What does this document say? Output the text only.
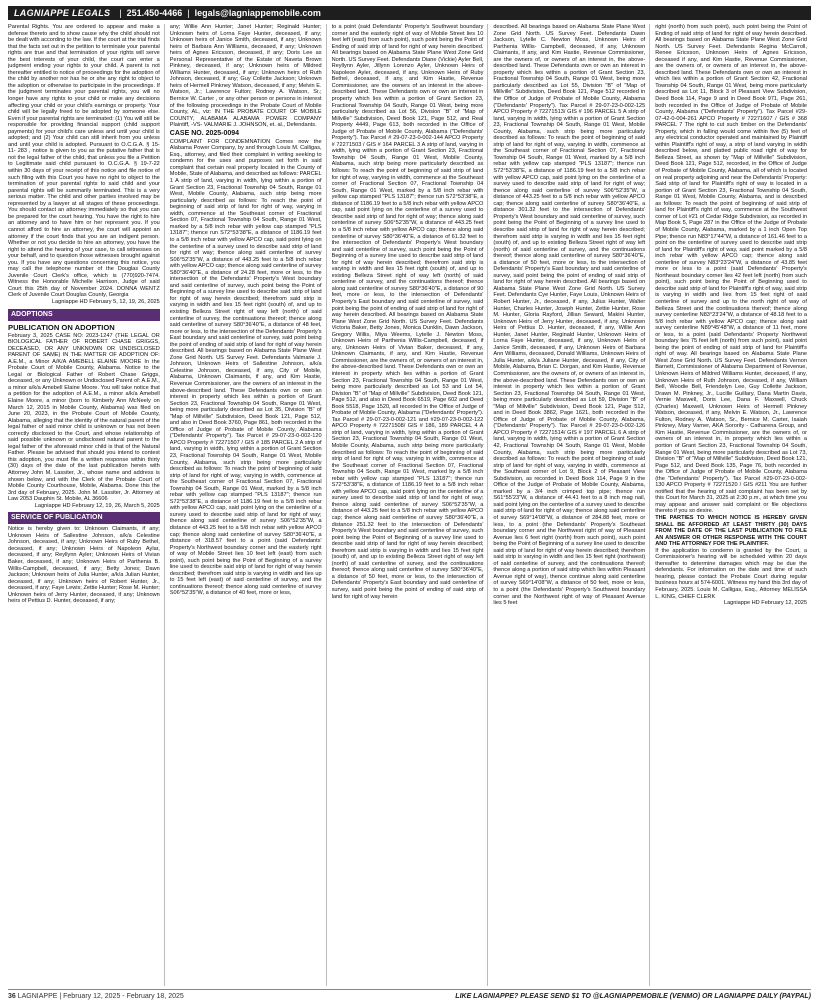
LAGNIAPPE LEGALS | 251.450-4466 | legals@lagniappemobile.com

Parental Rights. You are ordered to appear and make a defense thereto and to show cause why the child should not be dealt with according to the law. If the court at the trial finds that the facts set out in the petition to terminate your parental rights are true and that termination of your rights will serve the best interests of your child, the court can enter a judgment ending your rights to your child. A parent is not thereafter entitled to notice of proceedings for the adoption of the child by another nor has he or she any right to object to the adoption or otherwise to participate in the proceedings. If the judgment terminates your parental rights, you will no longer have any rights to your child or make any decisions affecting your child or your child's earnings or property. Your child will be legally freed to be adopted by someone else. Even if your parental rights are terminated: (1) You will still be responsible for providing financial support (child support payments) for your child's care unless and until your child is adopted; and (2) Your child can still inherit from you unless and until your child is adopted. Pursuant to O.C.G.A. § 15-11- 283 , notice is given to you as the putative father that is not the legal father of the child, that unless you file a Petition to Legitimate said child pursuant to O.C.G.A. § 19-7-22 within 30 days of your receipt of this notice and file notice of such filing with this Court you have no right to object to the termination of your parental rights to said child and your parental rights will be summarily terminated. This is a very serious matter. The child and other parties involved may be represented by a lawyer at all stages of these proceedings. You should contact an attorney immediately so that you can be prepared for the court hearing. You have the right to hire an attorney and to have him or her represent you. If you cannot afford to hire an attorney, the court will appoint an attorney if the court finds that you are an indigent person. Whether or not you decide to hire an attorney, you have the right to attend the hearing of your case, to call witnesses on your behalf, and to question those witnesses brought against you. If you have any questions concerning this notice, you may call the telephone number of the Douglas County Juvenile Court Clerk's office, which is (770)920-7474. Witness the Honorable Michelle Harrison, Judge of said Court this 25th day of November 2024. DONNA WENTZ Clerk of Juvenile Court Douglas County, Georgia

Lagniappe HD February 5, 12, 19, 26, 2025

ADOPTIONS
PUBLICATION ON ADOPTION

February 3, 2025 CASE NO: 2023-1247 (THE LEGAL OR BIOLOGICAL FATHER OF ROBERT CHASE GRIGGS, DECEASED, OR ANY UNKNOWN OR UNDISCLOSED PARENT OF SAME) IN THE MATTER OF ADOPTION OF: A.E.M., a Minor A/K/A AMEBELL ELAINE MOORE In the Probate Court of Mobile County, Alabama. Notice to the Legal or Biological Father of Robert Chase Griggs, deceased, or any Unknown or Undisclosed Parent of: A.E.M., a minor a/k/a Amebell Elaine Moore. You will take notice that a petition for the adoption of A.E.M., a minor a/k/a Amebell Elaine Moore, a minor (born to Kimberly Ann McNeely on March 12, 2015 in Mobile County, Alabama) was filed on June 20, 2023, in the Probate Court of Mobile County, Alabama, alleging that the identity of the natural parent of the legal father of said minor child is unknown or has not been correctly disclosed to the Court, and whose relationship of said possible unknown or undisclosed natural parent to the legal father of the aforesaid minor child is that of the Natural Father. Please be advised that should you intend to contest this adoption, you must file a written response within thirty (30) days of the date of the last publication herein with Attorney John M. Lassiter, Jr., whose name and address is shown below, and with the Clerk of the Probate Court of Mobile County Courthouse, Mobile, Alabama. Done this the 3rd day of February, 2025. John M. Lassiter, Jr. Attorney at Law 2053 Dauphin St. Mobile, AL 36606

Lagniappe HD February 12, 19, 26, March 5, 2025

SERVICE OF PUBLICATION

Notice is hereby given to: Unknown Claimants, if any; Unknown Heirs of Sallestine Johnson, a/k/a Celestine Johnson, deceased, if any; Unknown Heirs of Ruby Bethel, deceased, if any; Unknown Heirs of Napoleon Aylar, deceased, if any; Reyllynn Ayler; Unknown Heirs of Vivian Baker, deceased, if any; Unknown Heirs of Parthenia B. Willis-Campbell, deceased, if any; Betty Jones; Dawn Jackson; Unknown heirs of Julia Hunter, a/k/a Julian Hunter, deceased, if any; Unknown heirs of Robert Hunter, Jr., deceased, if any; Faye Lewis; Zettie Hunter; Rose M. Hunter; Unknown heirs of Jerry Hunter, deceased, if any; Unknown heirs of Pettius D. Hunter, deceased, if any;

any; Willie Ann Hunter; Janet Hunter; Reginald Hunter; Unknown heirs of Lorna Faye Hunter, deceased, if any; Unknown heirs of Janice Smith, deceased, if any; Unknown heirs of Barbara Ann Williams, deceased, if any; Unknown heirs of Agnes Ericsson, deceased, if any; Doris Lee as Personal Representative of the Estate of Naveta Brown Pinkney, deceased, if any; Unknown heirs of Mildred Williams Hunter, deceased, if any; Unknown heirs of Ruth Johnson, deceased, if any; Guy Collette Jackson; Unknown heirs of Hermell Pinkney Watson, deceased, if any; Melvin E. Watson, Jr.; Lawrence Fulton; Rodney A. Watson, Sr.; Bernice W. Carter , or any other person or persons in interest of the following proceedings in the Probate Court of Mobile County, AL, viz: IN THE PROBATE COURT OF MOBILE COUNTY, ALABAMA ALABAMA POWER COMPANY Plaintiff, -VS- VALMARIE J. JOHNSON, et. al., Defendants.

CASE NO. 2025-0094

COMPLAINT FOR CONDEMNATION Comes now the Alabama Power Company, by and through Louis M. Calligas, Esq., attorney, and filed their complaint in writing seeking to condemn for the uses and purposes set forth in said complaint that certain real property located in the County of Mobile, State of Alabama, and described as follows: PARCEL 1 A strip of land, varying in width, lying within a portion of Grant Section 23, Fractional Township 04 South, Range 01 West, Mobile County, Alabama, such strip being more particularly described as follows: To reach the point of beginning of said strip of land for right of way, varying in width, commence at the Southeast corner of Fractional Section 07, Fractional Township 04 South, Range 01 West, marked by a 5/8 inch rebar with yellow cap stamped "PLS 13187"; thence run S72°53'38"E, a distance of 1186.19 feet to a 5/8 inch rebar with yellow APCO cap, said point lying on the centerline of a survey used to describe said strip of land for right of way; thence along said centerline of survey S06°52'35"W, a distance of 443.25 feet to a 5/8 inch rebar with yellow APCO cap; thence along said centerline of survey S80°36'40"E, a distance of 24.28 feet, more or less, to the intersection of the Defendants' Property's West boundary and said centerline of survey, such point being the Point of Beginning of a survey line used to describe said strip of land for right of way herein described; therefrom said strip is varying in width and lies 15 feet right (south) of, and up to existing Belleza Street right of way left (north) of said centerline of survey, the continuations thereof; thence along said centerline of survey S80°36'40"E, a distance of 48 feet, more or less, to the intersection of the Defendants' Property's East boundary and said centerline of survey, said point being the point of ending of said strip of land for right of way herein described. All bearings based on Alabama State Plane West Zone Grid North. US Survey Feet. Defendants Valmarie J. Johnson, Unknown Heirs of Sallestine Johnson, a/k/a Celestine Johnson, deceased, if any, City of Mobile, Alabama, Unknown Claimants, if any, and Kim Hastie, Revenue Commissioner, are the owners of an interest in the above-described land. These Defendants own or own an interest in property which lies within a portion of Grant Section 23, Fractional Township 04 South, Range 01 West, being more particularly described as Lot 35, Division "B" of "Map of Millville" Subdivision, Deed Book 121, Page 512, and also in Deed Book 3760, Page 861, both recorded in the Office of Judge of Probate of Mobile County, Alabama ("Defendants' Property"). Tax Parcel # 29-07-23-0-002-120 APCO Property # 72271507 / GIS # 185 PARCEL 2 A strip of land, varying in width, lying within a portion of Grant Section 23, Fractional Township 04 South, Range 01 West, Mobile County, Alabama, such strip being more particularly described as follows: To reach the point of beginning of said strip of land for right of way, varying in width, commence at the Southeast corner of Fractional Section 07, Fractional Township 04 South, Range 01 West, marked by a 5/8 inch rebar with yellow cap stamped "PLS 13187"; thence run S72°53'38"E, a distance of 1186.19 feet to a 5/8 inch rebar with yellow APCO cap, said point lying on the centerline of a survey used to describe said strip of land for right of way; thence along said centerline of survey S06°52'35"W, a distance of 443.25 feet to a 5/8 inch rebar with yellow APCO cap; thence along said centerline of survey S80°36'40"E, a distance of 318.57 feet to a point (said Defendants' Property's Northwest boundary corner and the easterly right of way of Mobile Street lies 10 feet left (east) from such point), such point being the Point of Beginning of a survey line used to describe said strip of land for right of way herein described; therefrom said strip is varying in width and lies up to 15 feet left (east) of said centerline of survey, and the continuations thereof; thence along said centerline of survey S06°52'35"W, a distance of 40 feet, more or less,

to a point (said Defendants' Property's Southwest boundary corner and the easterly right of way of Mobile Street lies 10 feet left (east) from such point), such point being the Point of Ending of said strip of land for right of way herein described. All bearings based on Alabama State Plane West Zone Grid North. US Survey Feet. Defendants Diane (Vickie) Ayler Bell, Reyllynn Ayler, Jillynn Lorenzo Ayler, Unknown Heirs of Napoleon Ayler, deceased, if any, Unknown Heirs of Ruby Bethel, deceased, if any, and Kim Hastie, Revenue Commissioner, are the owners of an interest in the above-described land. These Defendants own or own an interest in property which lies within a portion of Grant Section 23, Fractional Township 04 South, Range 01 West, being more particularly described as Lot 56, Division "B" of "Map of Millville" Subdivision, Deed Book 121, Page 512, and Real Property 4449, Page 613, both recorded in the Office of Judge of Probate of Mobile County, Alabama ("Defendants' Property"). Tax Parcel # 29-07-23-0-002-144 APCO Property # 72271503 / GIS # 164 PARCEL 3 A strip of land, varying in width, lying within a portion of Grant Section 23, Fractional Township 04 South, Range 01 West, Mobile County, Alabama, such strip being more particularly described as follows: To reach the point of beginning of said strip of land for right of way, varying in width, commence at the Southeast corner of Fractional Section 07, Fractional Township 04 South, Range 01 West, marked by a 5/8 inch rebar with yellow cap stamped "PLS 13187"; thence run S72°53'38"E, a distance of 1186.19 feet to a 5/8 inch rebar with yellow APCO cap, said point lying on the centerline of a survey used to describe said strip of land for right of way; thence along said centerline of survey S06°52'35"W, a distance of 443.25 feet to a 5/8 inch rebar with yellow APCO cap; thence along said centerline of survey S80°36'40"E, a distance of 61.32 feet to the intersection of Defendants' Property's West boundary and said centerline of survey, such point being the Point of Beginning of a survey line used to describe said strip of land for right of way herein described; therefrom said strip is varying in width and lies 15 feet right (south) of, and up to existing Belleza Street right of way left (north) of said centerline of survey, and the continuations thereof; thence along said centerline of survey S80°36'40"E, a distance of 90 feet, more or less, to the intersection of Defendants' Property's East boundary and said centerline of survey, said point being the point of ending of said strip of land for right of way herein described. All bearings based on Alabama State Plane West Zone Grid North. US Survey Feet. Defendants Victoria Baker, Betty Jones, Monica Dunklin, Dawn Jackson, Gregory Willis, Miya Weems, Lytelle J. Newton Moss, Unknown Heirs of Parthenia Willis-Campbell, deceased, if any, Unknown Heirs of Vivian Baker, deceased, if any, Unknown Claimants, if any, and Kim Hastie, Revenue Commissioner, are the owners of, or owners of an interest in, the above-described land. These Defendants own or own an interest in property which lies within a portion of Grant Section 23, Fractional Township 04 South, Range 01 West, being more particularly described as Lot 53 and Lot 54, Division "B" of "Map of Millville" Subdivision, Deed Book 121, Page 512, and also in Deed Book 6519, Page 602 and Deed Book 5518, Page 1520, all recorded in the Office of Judge of Probate of Mobile County, Alabama ("Defendants' Property"). Tax Parcel # 29-07-23-0-002-121 and #29-07-23-0-002-122 APCO Property # 72271508/ GIS # 186, 189 PARCEL 4 A strip of land, varying in width, lying within a portion of Grant Section 23, Fractional Township 04 South, Range 01 West, Mobile County, Alabama, such strip being more particularly described as follows: To reach the point of beginning of said strip of land for right of way, varying in width, commence at the Southeast corner of Fractional Section 07, Fractional Township 04 South, Range 01 West, marked by a 5/8 inch rebar with yellow cap stamped "PLS 13187"; thence run S72°53'38"E, a distance of 1186.19 feet to a 5/8 inch rebar with yellow APCO cap, said point lying on the centerline of a survey used to describe said strip of land for right of way; thence along said centerline of survey S06°52'35"W, a distance of 443.25 feet to a 5/8 inch rebar with yellow APCO cap; thence along said centerline of survey S80°36'40"E, a distance 251.32 feet to the intersection of Defendants' Property's West boundary and said centerline of survey, such point being the Point of Beginning of a survey line used to describe said strip of land for right of way herein described; therefrom said strip is varying in width and lies 15 feet right (south) of, and up to existing Belleza Street right of way left (north) of said centerline of survey, and the continuations thereof; thence along said centerline of survey S80°36'40"E, a distance of 50 feet, more or less, to the intersection of Defendants' Property's East boundary and said centerline of survey, said point being the point of ending of said strip of land for right of way herein

described. All bearings based on Alabama State Plane West Zone Grid North. US Survey Feet. Defendants Dawn Jackson, Lytelle C. Newton Moss, Unknown Heirs of Parthenia Willis- Campbell, deceased, if any, Unknown Claimants, if any, and Kim Hastie, Revenue Commissioner, are the owners of, or owners of an interest in, the above-described land. These Defendants own or own an interest in property which lies within a portion of Grant Section 23, Fractional Township 04 South, Range 01 West, being more particularly described as Lot 55, Division "B" of "Map of Millville" Subdivision, Deed Book 121, Page 512 recorded in the Office of Judge of Probate of Mobile County, Alabama ("Defendants' Property"). Tax Parcel # 29-07-23-0-002-125 APCO Property # 72271513/ GIS # 196 PARCEL 5 A strip of land, varying in width, lying within a portion of Grant Section 23, Fractional Township 04 South, Range 01 West, Mobile County, Alabama, such strip being more particularly described as follows: To reach the point of beginning of said strip of land for right of way, varying in width, commence at the Southeast corner of Fractional Section 07, Fractional Township 04 South, Range 01 West, marked by a 5/8 inch rebar with yellow cap stamped "PLS 13187"; thence run S72°53'38"E, a distance of 1186.19 feet to a 5/8 inch rebar with yellow APCO cap, said point lying on the centerline of a survey used to describe said strip of land for right of way; thence along said centerline of survey S06°52'35"W, a distance of 443.25 feet to a 5/8 inch rebar with yellow APCO cap; thence along said centerline of survey S80°36'40"E, a distance 301.32 feet to the intersection of Defendants' Property's West boundary and said centerline of survey, such point being the Point of Beginning of a survey line used to describe said strip of land for right of way herein described; therefrom said strip is varying in width and lies 15 feet right (south) of, and up to existing Belleza Street right of way left (north) of said centerline of survey, and the continuations thereof; thence along said centerline of survey S80°36'40"E, a distance of 50 feet, more or less, to the intersection of Defendants' Property's East boundary and said centerline of survey, said point being the point of ending of said strip of land for right of way herein described. All bearings based on Alabama State Plane West Zone Grid North. US Survey Feet. Defendants Cye Hunter, Faye Louis, Unknown Heirs of Robert Hunter, Jr., deceased, if any, Julius Hunter, Walter Hunter, Charles Hunter, Joseph Hunter, Zettie Hunter, Rose M. Hunter, Gloria Rayford, Jillian Seward, Makini Hunter, Unknown Heirs of Jerry Hunter, deceased, if any, Unknown Heirs of Pettius D. Hunter, deceased, if any, Willie Ann Hunter, Janet Hunter, Reginald Hunter, Unknown Heirs of Lorna Faye Hunter, deceased, if any, Unknown Heirs of Janice Smith, deceased, if any, Unknown Heirs of Barbara Ann Williams, deceased, Donald Williams, Unknown Heirs of Julia Hunter, a/k/a Juliane Hunter, deceased, if any, City of Mobile, Alabama, Brian C. Dorgan, and Kim Hastie, Revenue Commissioner, are the owners of, or owners of an interest in, the above-described land. These Defendants own or own an interest in property which lies within a portion of Grant Section 23, Fractional Township 04 South, Range 01 West, being more particularly described as Lot 59, Division "B" of "Map of Millville" Subdivision, Deed Book 121, Page 512, and in Deed Book 3862, Page 1621, both recorded in the Office of Judge of Probate of Mobile County, Alabama, ("Defendants' Property"). Tax Parcel # 29-07-23-0-002-126 APCO Property # 72271514/ GIS # 197 PARCEL 6 A strip of land, varying in width, lying within a portion of Grant Section 42, Fractional Township 04 South, Range 01 West, Mobile County, Alabama, such strip being more particularly described as follows: To reach the point of beginning of said strip of land for right of way, varying in width, commence at the Southeast corner of Lot 9, Block 2 of Pleasant View Subdivision, as recorded in Deed Book 114, Page 9 in the Office of the Judge of Probate of Mobile County, Alabama, marked by a 3/4 inch crimped top pipe; thence run S61°55'23"W, a distance of 44.41 feet to a 8 inch mag nail, said point lying on the centerline of a survey used to describe said strip of land for right of way; thence along said centerline of survey S69°14'08"W, a distance of 284.88 feet, more or less, to a point (the Defendants' Property's Southeast boundary corner and the Northwest right of way of Pleasant Avenue lies 6 feet right (north) from such point), such point being the Point of Beginning of a survey line used to describe said strip of land for right of way herein described; therefrom said strip is varying in width and lies 15 feet right (northwest) of said centerline of survey, and the continuations thereof; thence along a portion of said strip which lies within Pleasant Avenue right of way), thence continue along said centerline of survey S69°14'08"W, a distance of 50 feet, more or less, to a point (the Defendants' Property's Southwest boundary corner and the Northwest right of way of Pleasant Avenue lies 5 feet

right (north) from such point), such point being the Point of Ending of said strip of land for right of way herein described. All bearings based on Alabama State Plane West Zone Grid North. US Survey Feet. Defendants Regina McCarroll, Renee Ericsson, Unknown Heirs of Agnes Ericsson, deceased if any, and Kim Hastie, Revenue Commissioner, are the owners of, or owners of an interest in, the above-described land. These Defendants own or own an interest in which lies within a portion of Grant Section 42, Fractional Township 04 South, Range 01 West, being more particularly described as Lot 11, Block 3 of Pleasant View Subdivision, Deed Book 114, Page 9 and in Deed Book 971, Page 261, both recorded in the Office of Judge of Probate of Mobile County, Alabama ("Defendants' Property"). Tax Parcel #29-07-42-0-004-261 APCO Property # 72271607 / GIS # 368 PARCEL 7 The right to cut such timber on the Defendants' Property, which in falling would come within five (5) feet of any electrical conductor operated and maintained by Plaintiff within Plaintiff's right of way, a strip of land varying in width described below, and platted public road right of way for Belleza Street, as shown by "Map of Millville" Subdivision, Deed Book 121, Page 512, recorded, in the Office of Judge of Probate of Mobile County, Alabama, all of which is located on real property adjoining and near the Defendants' Property: Said strip of land for Plaintiff's right of way is located in a portion of Grant Section 23, Fractional Township 04 South, Range 01 West, Mobile County, Alabama, and is described as follows: To reach the point of beginning of said strip of land for Plaintiff's right of way, commence at the Southwest corner of Lot #21 of Cedar Ridge Subdivision, as recorded in Map Book 5, Page 287 in the Office of the Judge of Probate of Mobile County, Alabama, marked by a 1 inch Open Top Pipe; thence run N83°17'44"W, a distance of 161.46 feet to a point on the centerline of survey used to describe said strip of land for Plaintiff's right of way, said point marked by a 5/8 inch rebar with yellow APCO cap; thence along said centerline of survey N83°23'24"W, a distance of 43.85 feet more or less to a point (said Defendants' Property's Northeast boundary corner lies 42 feet left (north) from such point), such point being the Point of Beginning used to describe said strip of land for Plaintiff's right of way, said strip is varying in width and lies from 15 feet right of said centerline of survey and up to the north right of way of Belleza Street and the continuations thereof; thence along survey centerline N83°23'24"W, a distance of 48.18 feet to a 5/8 inch rebar with yellow APCO cap; thence along said survey centerline N89°45'48"W, a distance of 11 feet, more or less, to a point (said Defendants' Property Northwest boundary lies 75 feet left (north) from such point), said point being the point of ending of said strip of land for Plaintiff's right of way. All bearings based on Alabama State Plane West Zone Grid North. US Survey Feet. Defendants Vernon Barnett, Commissioner of Alabama Department of Revenue, Unknown Heirs of Mildred Williams Hunter, deceased, if any, Unknown Heirs of Ruth Johnson, deceased, if any, William Bell, Woodie Bell, Friendelyn Lee, Guy Collette Jackson, Drawn M. Pinkney, Jr., Lucille Guillary, Dana Martin Davis, Vernie Maxwell, Doris Lee, Dana F. Maxwell, Chuck (Charles) Maxwell, Unknown Heirs of Hermell Pinkney Watson, deceased, if any, Melvin E. Watson, Jr., Lawrence Fulton, Rodney A. Watson, Sr., Bernice M. Carter, Isaiah Pinkney, Mary Varner, AKA Sorority - Catharena Group, and Kim Hastie, Revenue Commissioner, are the owners of, or owners of an interest in, in property which lies within a portion of Grant Section 23, Fractional Township 04 South, Range 01 West, being more particularly described as Lot 73, Division "B" of "Map of Millville" Subdivision, Deed Book 121, Page 512, and Deed Book 135, Page 76, both recorded in the Office of Judge of Probate of Mobile County, Alabama (the "Defendants' Property"). Tax Parcel #29-07-23-0-002-130 APCO Property # 72271520 / GIS #211 You are further notified that the hearing of said complaint has been set by this Court for March 31, 2025 at 2:30 p.m., at which time you may appear and answer said complaint or file objections thereto if you so desire.

THE PARTIES TO WHICH NOTICE IS HEREBY GIVEN SHALL BE AFFORDED AT LEAST THIRTY (30) DAYS FROM THE DATE OF THE LAST PUBLICATION TO FILE AN ANSWER OR OTHER RESPONSE WITH THE COURT AND THE ATTORNEY FOR THE PLAINTIFF.

If the application to condemn is granted by the Court, a Commissioner's hearing will be scheduled within 20 days thereafter to determine damages which may be due the defendants. For information on the date and time of such hearing, please contact the Probate Court during regular business hours at 574-6001. Witness my hand this 3rd day of February, 2025. Louis M. Calligas, Esq., Attorney MELISSA L. KING, CHIEF CLERK

Lagniappe HD February 12, 2025

36 LAGNIAPPE | February 12, 2025 - February 18, 2025	LIKE LAGNIAPPE? PLEASE SEND $1 TO @LAGNIAPPEMOBILE (VENMO) OR LAGNIAPPE DAILY (PAYPAL)
